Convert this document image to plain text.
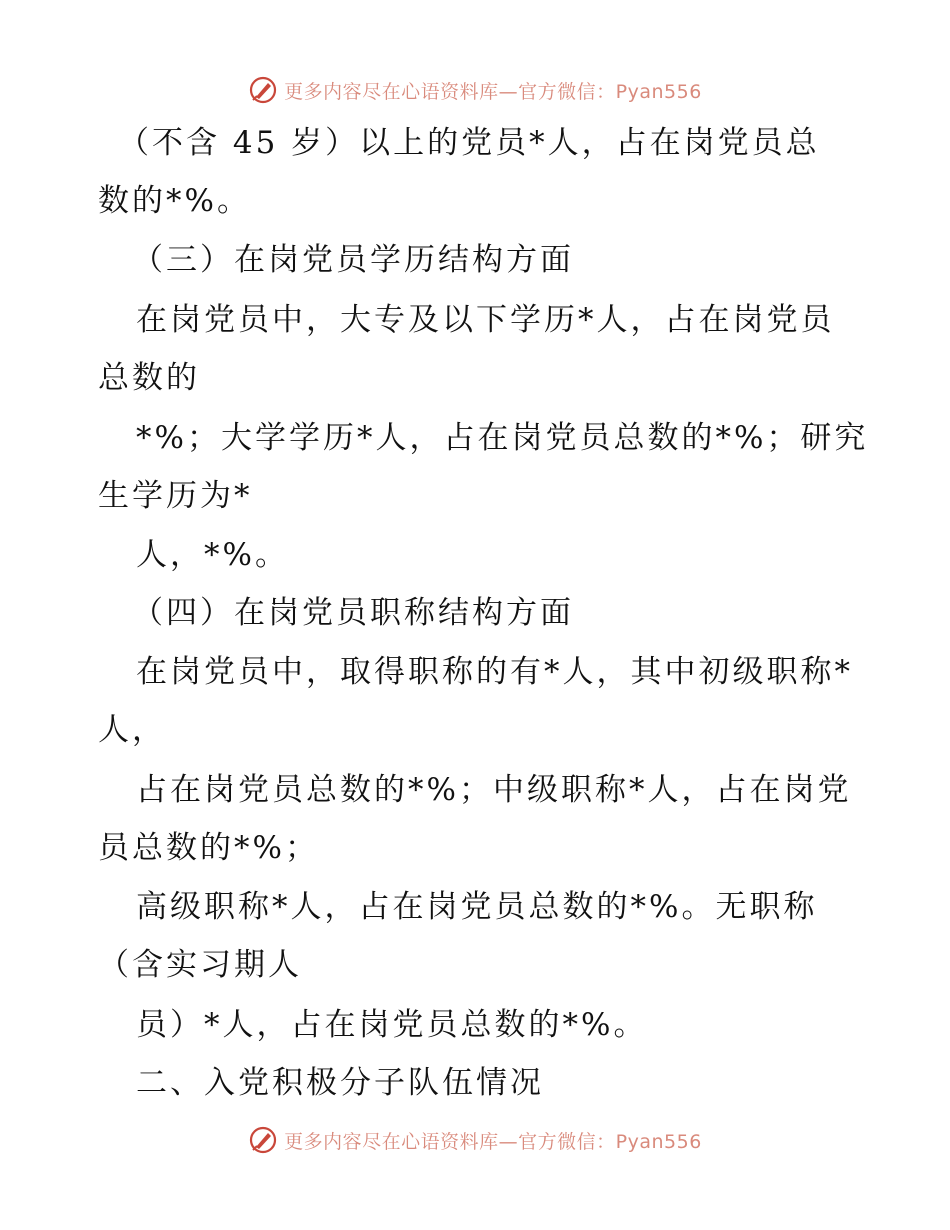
更多内容尽在心语资料库—官方微信：Pyan556
（不含 45 岁）以上的党员*人，占在岗党员总
数的*%。
（三）在岗党员学历结构方面
在岗党员中，大专及以下学历*人，占在岗党员
总数的
*%；大学学历*人，占在岗党员总数的*%；研究
生学历为*
人，*%。
（四）在岗党员职称结构方面
在岗党员中，取得职称的有*人，其中初级职称*
人，
占在岗党员总数的*%；中级职称*人，占在岗党
员总数的*%；
高级职称*人，占在岗党员总数的*%。无职称
（含实习期人
员）*人，占在岗党员总数的*%。
二、入党积极分子队伍情况
更多内容尽在心语资料库—官方微信：Pyan556
